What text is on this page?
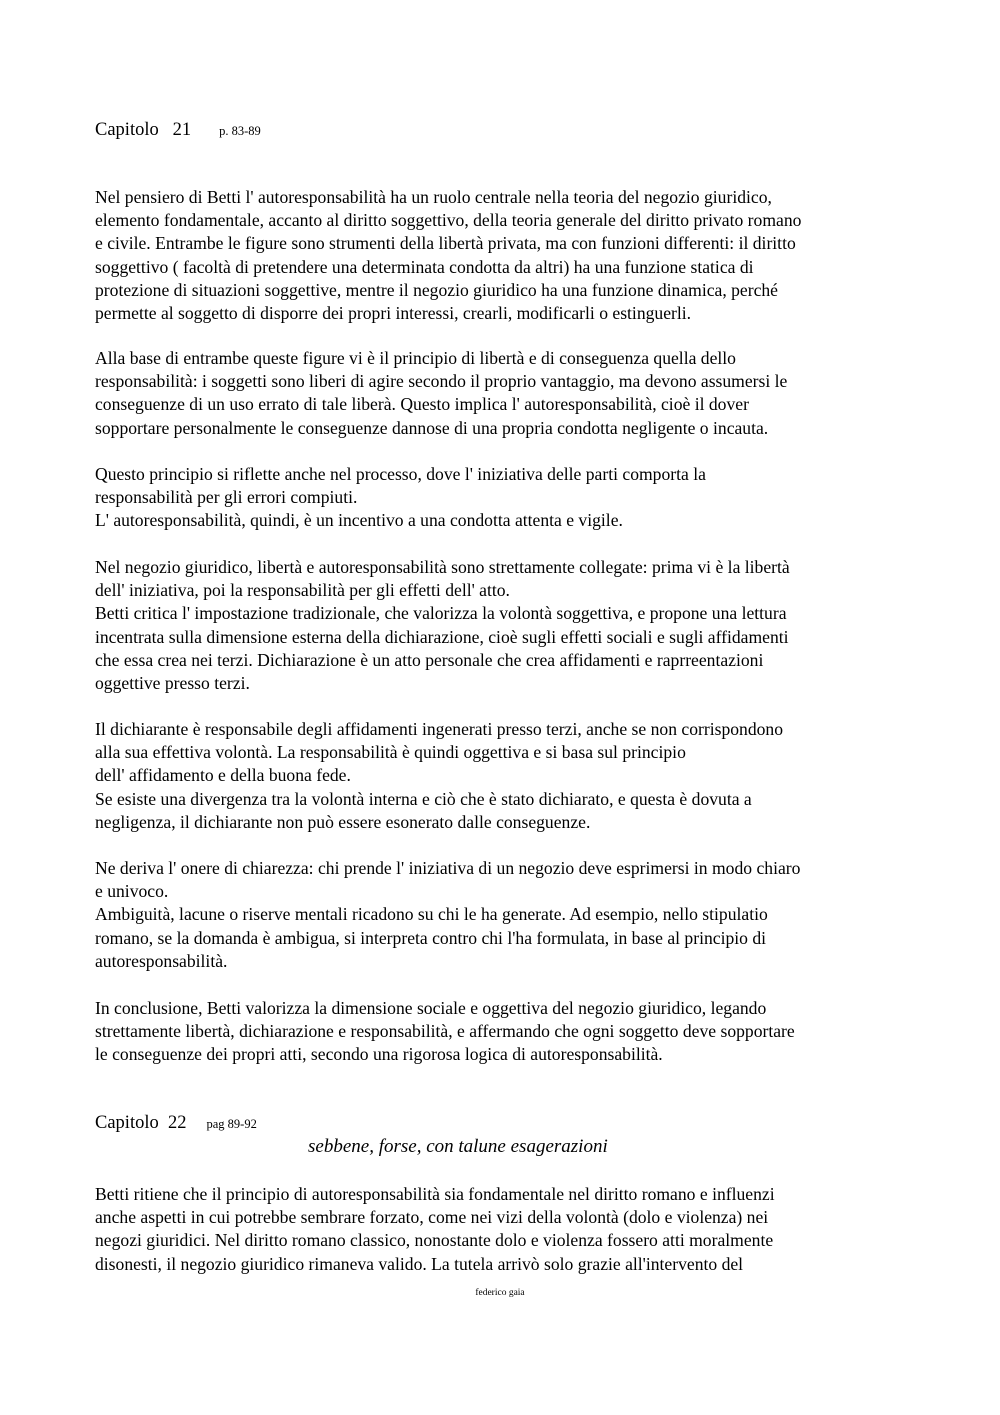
Capitolo   21 p. 83-89
Nel pensiero di Betti l' autoresponsabilità ha un ruolo centrale nella teoria del negozio giuridico,
elemento fondamentale, accanto al diritto soggettivo, della teoria generale del diritto privato romano
e civile. Entrambe le figure sono strumenti della libertà privata, ma con funzioni differenti: il diritto
soggettivo ( facoltà di pretendere una determinata condotta da altri) ha una funzione statica di
protezione di situazioni soggettive, mentre il negozio giuridico ha una funzione dinamica, perché
permette al soggetto di disporre dei propri interessi, crearli, modificarli o estinguerli.
Alla base di entrambe queste figure vi è il principio di libertà e di conseguenza quella dello
responsabilità: i soggetti sono liberi di agire secondo il proprio vantaggio, ma devono assumersi le
conseguenze di un uso errato di tale liberà. Questo implica l' autoresponsabilità, cioè il dover
sopportare personalmente le conseguenze dannose di una propria condotta negligente o incauta.
Questo principio si riflette anche nel processo, dove l' iniziativa delle parti comporta la
responsabilità per gli errori compiuti.
L' autoresponsabilità, quindi, è un incentivo a una condotta attenta e vigile.
Nel negozio giuridico, libertà e autoresponsabilità sono strettamente collegate: prima vi è la libertà
dell' iniziativa, poi la responsabilità per gli effetti dell' atto.
Betti critica l' impostazione tradizionale, che valorizza la volontà soggettiva, e propone una lettura
incentrata sulla dimensione esterna della dichiarazione, cioè sugli effetti sociali e sugli affidamenti
che essa crea nei terzi. Dichiarazione è un atto personale che crea affidamenti e raprreentazioni
oggettive presso terzi.
Il dichiarante è responsabile degli affidamenti ingenerati presso terzi, anche se non corrispondono
alla sua effettiva volontà. La responsabilità è quindi oggettiva e si basa sul principio
dell' affidamento e della buona fede.
Se esiste una divergenza tra la volontà interna e ciò che è stato dichiarato, e questa è dovuta a
negligenza, il dichiarante non può essere esonerato dalle conseguenze.
Ne deriva l' onere di chiarezza: chi prende l' iniziativa di un negozio deve esprimersi in modo chiaro
e univoco.
Ambiguità, lacune o riserve mentali ricadono su chi le ha generate. Ad esempio, nello stipulatio
romano, se la domanda è ambigua, si interpreta contro chi l'ha formulata, in base al principio di
autoresponsabilità.
In conclusione, Betti valorizza la dimensione sociale e oggettiva del negozio giuridico, legando
strettamente libertà, dichiarazione e responsabilità, e affermando che ogni soggetto deve sopportare
le conseguenze dei propri atti, secondo una rigorosa logica di autoresponsabilità.
Capitolo  22 pag 89-92
sebbene, forse, con talune esagerazioni
Betti ritiene che il principio di autoresponsabilità sia fondamentale nel diritto romano e influenzi
anche aspetti in cui potrebbe sembrare forzato, come nei vizi della volontà (dolo e violenza) nei
negozi giuridici. Nel diritto romano classico, nonostante dolo e violenza fossero atti moralmente
disonesti, il negozio giuridico rimaneva valido. La tutela arrivò solo grazie all'intervento del
federico gaia
